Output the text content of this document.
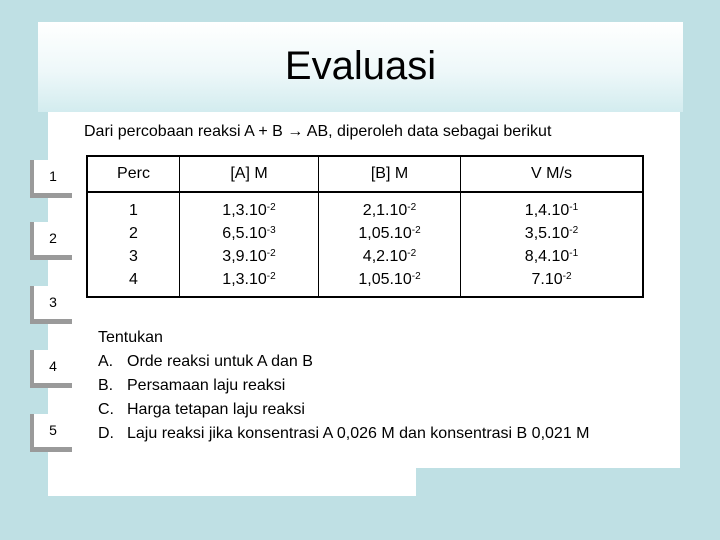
Evaluasi
Dari percobaan reaksi A + B → AB, diperoleh data sebagai berikut
Perc	[A] M	[B] M	V M/s
1	$1,3.10^{-2}$	$2,1.10^{-2}$	$1,4.10^{-1}$
2	$6,5.10^{-3}$	$1,05.10^{-2}$	$3,5.10^{-2}$
3	$3,9.10^{-2}$	$4,2.10^{-2}$	$8,4.10^{-1}$
4	$1,3.10^{-2}$	$1,05.10^{-2}$	$7.10^{-2}$
1
2
3
4
5

Tentukan

A. Orde reaksi untuk A dan B
B. Persamaan laju reaksi
C. Harga tetapan laju reaksi
D. Laju reaksi jika konsentrasi A 0,026 M dan konsentrasi B 0,021 M
